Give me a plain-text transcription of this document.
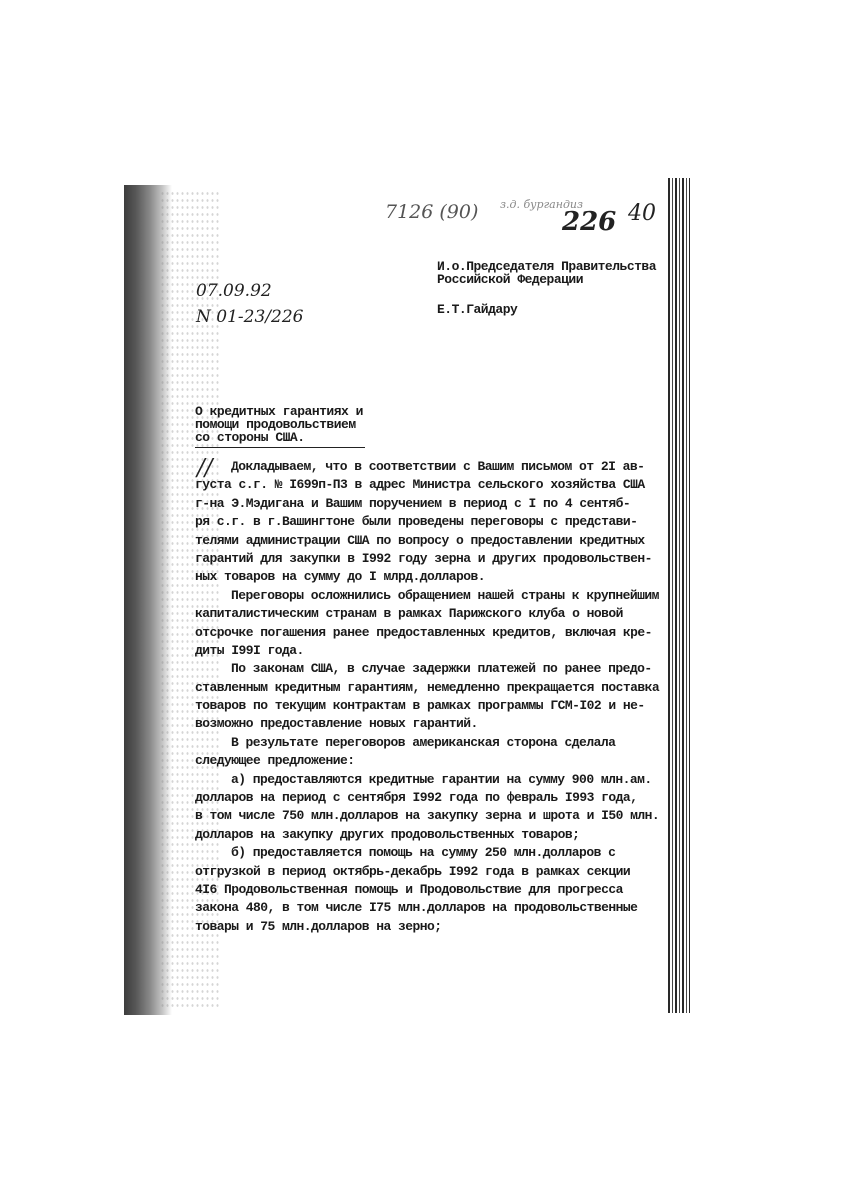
7126 (90) з.д. бургандиз
226 40
07.09.92
N 01-23/226
//
И.о.Председателя Правительства
Российской Федерации
Е.Т.Гайдару
О кредитных гарантиях и
помощи продовольствием
со стороны США.
Докладываем, что в соответствии с Вашим письмом от 2I ав-
густа с.г. № I699п-П3 в адрес Министра сельского хозяйства США
г-на Э.Мэдигана и Вашим поручением в период с I по 4 сентяб-
ря с.г. в г.Вашингтоне были проведены переговоры с представи-
телями администрации США по вопросу о предоставлении кредитных
гарантий для закупки в I992 году зерна и других продовольствен-
ных товаров на сумму до I млрд.долларов.
Переговоры осложнились обращением нашей страны к крупнейшим
капиталистическим странам в рамках Парижского клуба о новой
отсрочке погашения ранее предоставленных кредитов, включая кре-
диты I99I года.
По законам США, в случае задержки платежей по ранее предо-
ставленным кредитным гарантиям, немедленно прекращается поставка
товаров по текущим контрактам в рамках программы ГСМ-I02 и не-
возможно предоставление новых гарантий.
В результате переговоров американская сторона сделала
следующее предложение:
а) предоставляются кредитные гарантии на сумму 900 млн.ам.
долларов на период с сентября I992 года по февраль I993 года,
в том числе 750 млн.долларов на закупку зерна и шрота и I50 млн.
долларов на закупку других продовольственных товаров;
б) предоставляется помощь на сумму 250 млн.долларов с
отгрузкой в период октябрь-декабрь I992 года в рамках секции
4I6 Продовольственная помощь и Продовольствие для прогресса
закона 480, в том числе I75 млн.долларов на продовольственные
товары и 75 млн.долларов на зерно;
